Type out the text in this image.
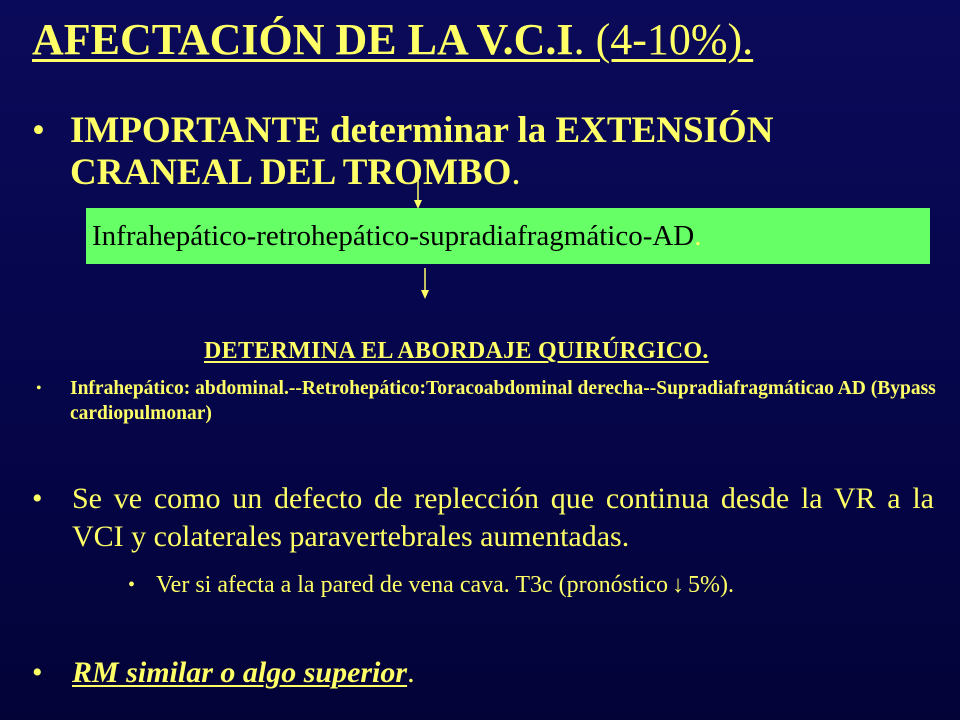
AFECTACIÓN DE LA V.C.I. (4-10%).
• IMPORTANTE determinar la EXTENSIÓN CRANEAL DEL TROMBO.
Infrahepático-retrohepático-supradiafragmático-AD.
DETERMINA EL ABORDAJE QUIRÚRGICO.
• Infrahepático: abdominal.--Retrohepático:Toracoabdominal derecha--Supradiafragmáticao AD (Bypass cardiopulmonar)
• Se ve como un defecto de replección que continua desde la VR a la VCI y colaterales paravertebrales aumentadas.
• Ver si afecta a la pared de vena cava. T3c (pronóstico ↓ 5%).
• RM similar o algo superior.
